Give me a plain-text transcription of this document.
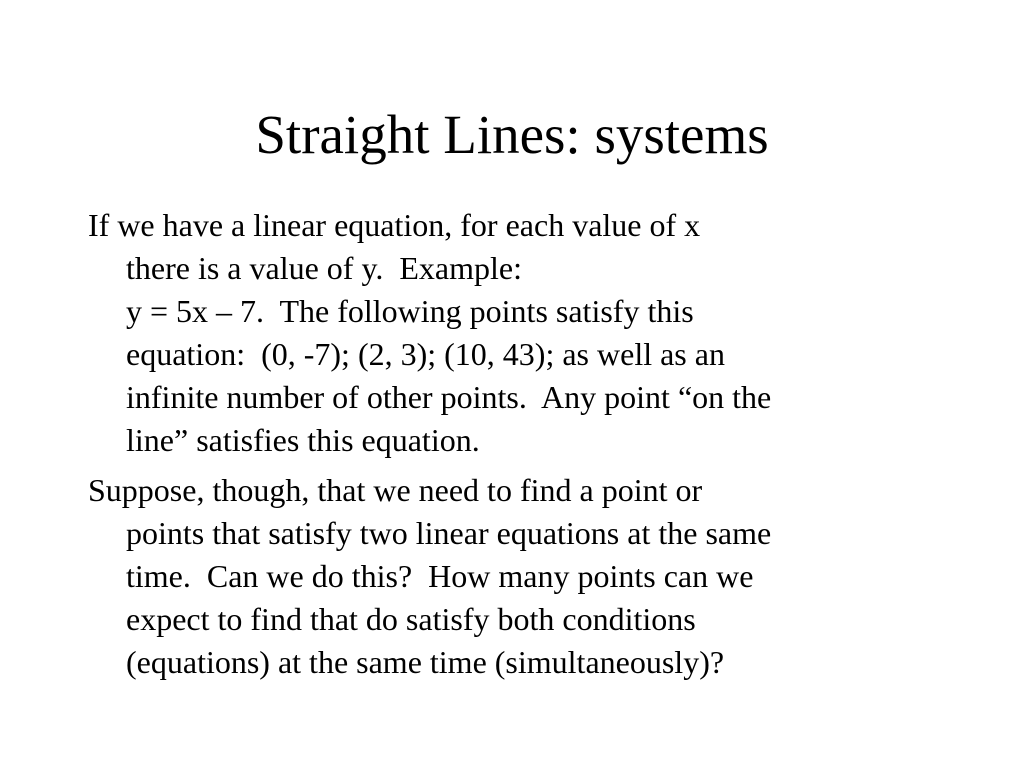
Straight Lines: systems
If we have a linear equation, for each value of x
there is a value of y.  Example:
y = 5x – 7.  The following points satisfy this
equation:  (0, -7); (2, 3); (10, 43); as well as an
infinite number of other points.  Any point “on the
line” satisfies this equation.
Suppose, though, that we need to find a point or
points that satisfy two linear equations at the same
time.  Can we do this?  How many points can we
expect to find that do satisfy both conditions
(equations) at the same time (simultaneously)?
